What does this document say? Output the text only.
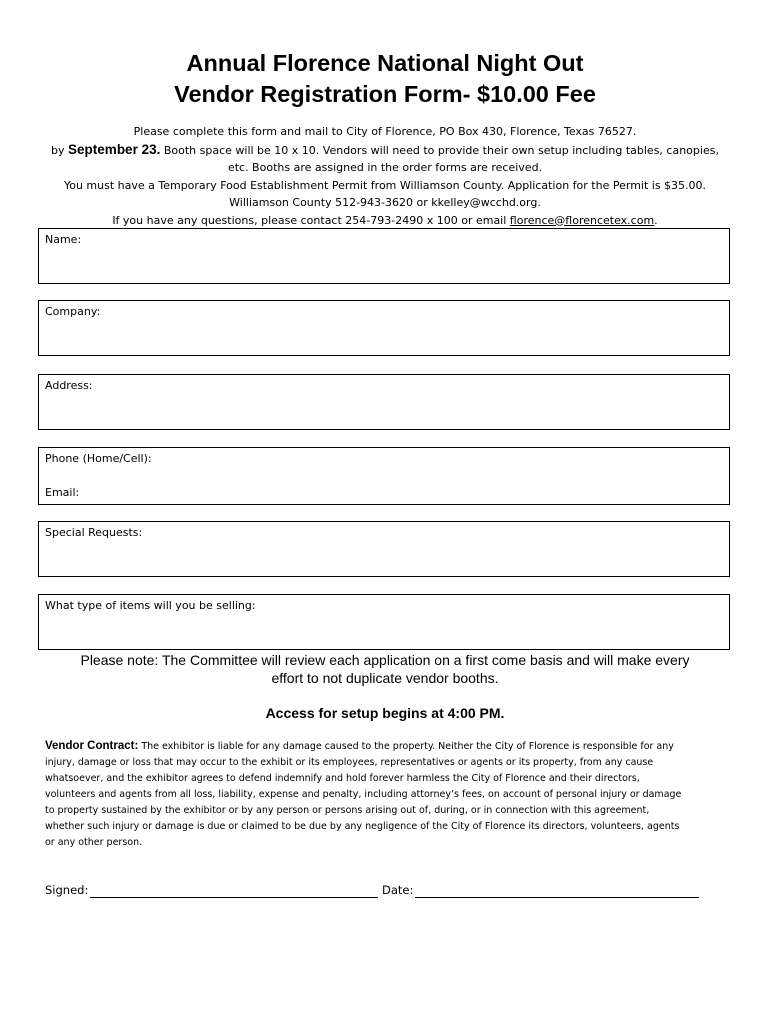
Annual Florence National Night Out
Vendor Registration Form- $10.00 Fee
Please complete this form and mail to City of Florence, PO Box 430, Florence, Texas 76527.
by September 23. Booth space will be 10 x 10. Vendors will need to provide their own setup including tables, canopies,
etc. Booths are assigned in the order forms are received.
You must have a Temporary Food Establishment Permit from Williamson County. Application for the Permit is $35.00.
Williamson County 512-943-3620 or kkelley@wcchd.org.
If you have any questions, please contact 254-793-2490 x 100 or email florence@florencetex.com.
Name:
Company:
Address:
Phone (Home/Cell):
Email:
Special Requests:
What type of items will you be selling:
Please note: The Committee will review each application on a first come basis and will make every
effort to not duplicate vendor booths.
Access for setup begins at 4:00 PM.
Vendor Contract: The exhibitor is liable for any damage caused to the property. Neither the City of Florence is responsible for any
injury, damage or loss that may occur to the exhibit or its employees, representatives or agents or its property, from any cause
whatsoever, and the exhibitor agrees to defend indemnify and hold forever harmless the City of Florence and their directors,
volunteers and agents from all loss, liability, expense and penalty, including attorney’s fees, on account of personal injury or damage
to property sustained by the exhibitor or by any person or persons arising out of, during, or in connection with this agreement,
whether such injury or damage is due or claimed to be due by any negligence of the City of Florence its directors, volunteers, agents
or any other person.
Signed:	Date:
